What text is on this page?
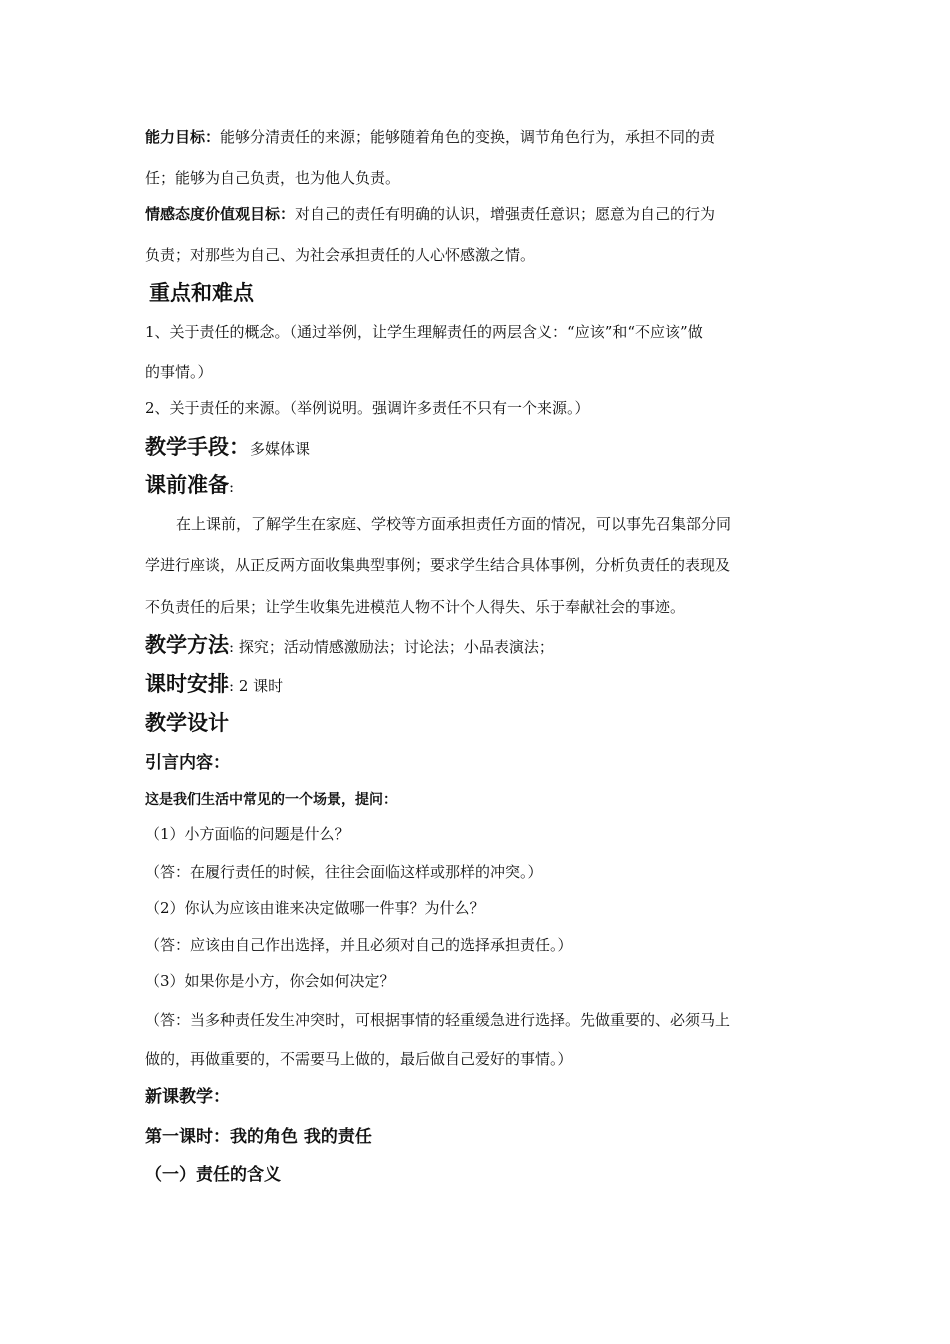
能力目标：能够分清责任的来源；能够随着角色的变换，调节角色行为，承担不同的责
任；能够为自己负责，也为他人负责。
情感态度价值观目标：对自己的责任有明确的认识，增强责任意识；愿意为自己的行为
负责；对那些为自己、为社会承担责任的人心怀感激之情。
重点和难点
1、关于责任的概念。（通过举例，让学生理解责任的两层含义：“应该”和“不应该”做
的事情。）
2、关于责任的来源。（举例说明。强调许多责任不只有一个来源。）
教学手段：多媒体课
课前准备:
在上课前，了解学生在家庭、学校等方面承担责任方面的情况，可以事先召集部分同
学进行座谈，从正反两方面收集典型事例；要求学生结合具体事例，分析负责任的表现及
不负责任的后果；让学生收集先进模范人物不计个人得失、乐于奉献社会的事迹。
教学方法: 探究；活动情感激励法；讨论法；小品表演法；
课时安排: 2 课时
教学设计
引言内容：
这是我们生活中常见的一个场景，提问：
（1）小方面临的问题是什么？
（答：在履行责任的时候，往往会面临这样或那样的冲突。）
（2）你认为应该由谁来决定做哪一件事？为什么？
（答：应该由自己作出选择，并且必须对自己的选择承担责任。）
（3）如果你是小方，你会如何决定？
（答：当多种责任发生冲突时，可根据事情的轻重缓急进行选择。先做重要的、必须马上
做的，再做重要的，不需要马上做的，最后做自己爱好的事情。）
新课教学：
第一课时：我的角色 我的责任
（一）责任的含义
